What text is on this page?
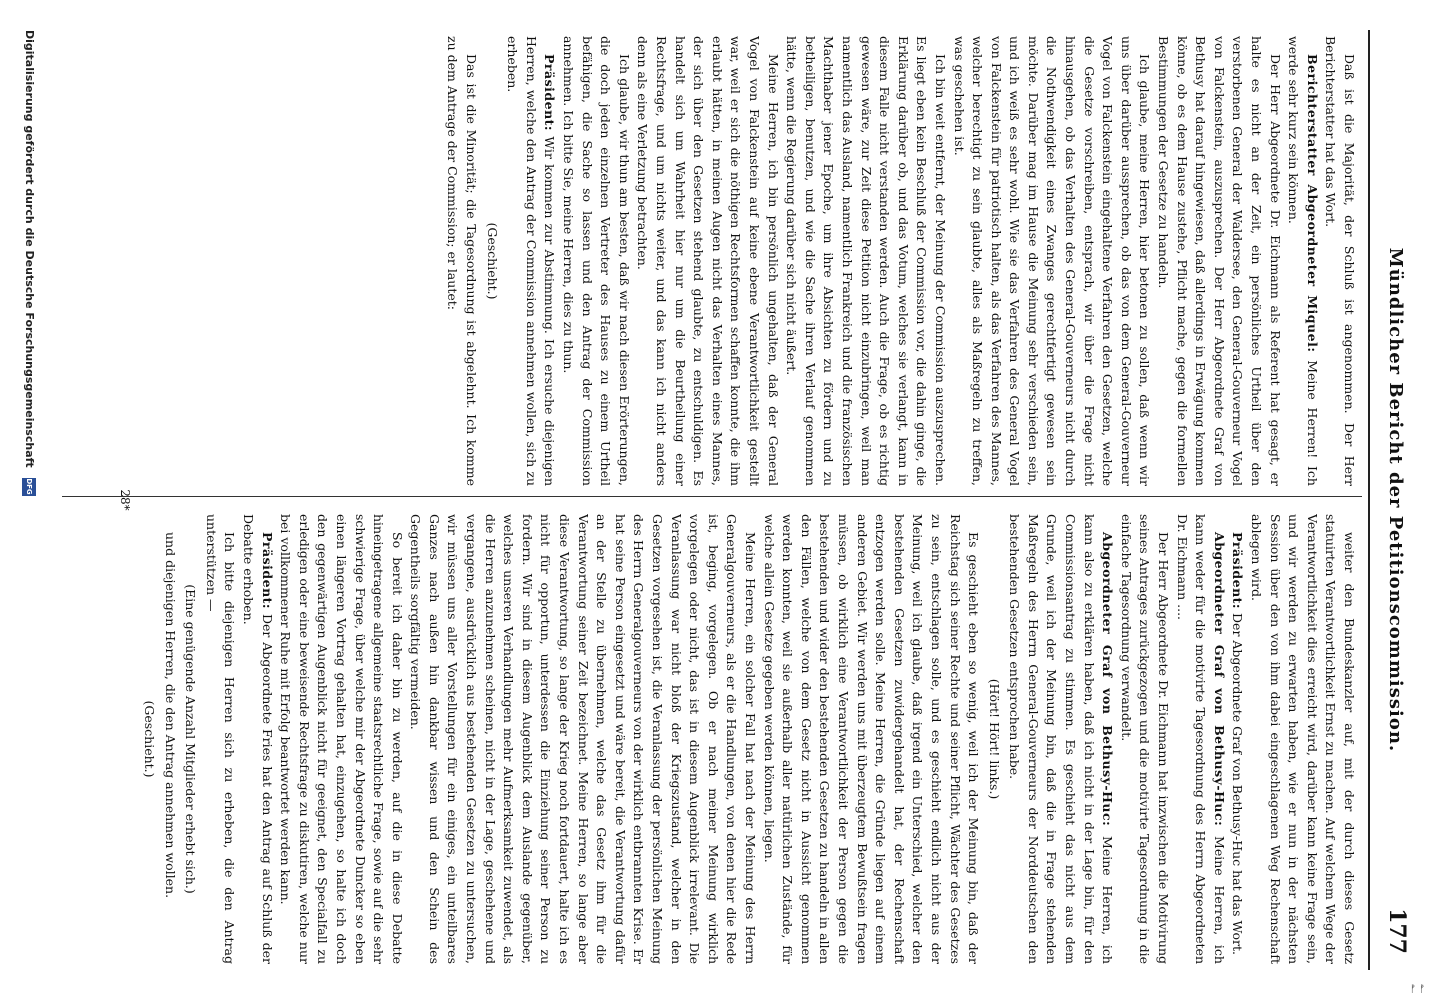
Mündlicher Bericht der Petitionscommission.
177

Daß ist die Majorität, der Schluß ist angenommen. Der Herr Berichterstatter hat das Wort.

Berichterstatter Abgeordneter Miquel: Meine Herren! Ich werde sehr kurz sein können.

Der Herr Abgeordnete Dr. Eichmann als Referent hat gesagt, er halte es nicht an der Zeit, ein persönliches Urtheil über den verstorbenen General der Waldersee, den General-Gouverneur Vogel von Falckenstein, auszusprechen. Der Herr Abgeordnete Graf von Bethusy hat darauf hingewiesen, daß allerdings in Erwägung kommen könne, ob es dem Hause zustehe, Pflicht mache, gegen die formellen Bestimmungen der Gesetze zu handeln.

Ich glaube, meine Herren, hier betonen zu sollen, daß wenn wir uns über darüber aussprechen, ob das von dem General-Gouverneur Vogel von Falckenstein eingehaltene Verfahren den Gesetzen, welche die Gesetze vorschreiben, entsprach, wir über die Frage nicht hinausgehen, ob das Verhalten des General-Gouverneurs nicht durch die Nothwendigkeit eines Zwanges gerechtfertigt gewesen sein möchte. Darüber mag im Hause die Meinung sehr verschieden sein, und ich weiß es sehr wohl. Wie sie das Verfahren des General Vogel von Falckenstein für patriotisch halten, als das Verfahren des Mannes, welcher berechtigt zu sein glaubte, alles als Maßregeln zu treffen, was geschehen ist.

Ich bin weit entfernt, der Meinung der Commission auszusprechen. Es liegt eben kein Beschluß der Commission vor, die dahin ginge, die Erklärung darüber ob, und das Votum, welches sie verlangt, kann in diesem Falle nicht verstanden werden. Auch die Frage, ob es richtig gewesen wäre, zur Zeit diese Petition nicht einzubringen, weil man namentlich das Ausland, namentlich Frankreich und die französischen Machthaber jener Epoche, um ihre Absichten zu fördern und zu betheiligen, benutzen, und wie die Sache ihren Verlauf genommen hätte, wenn die Regierung darüber sich nicht äußert.

Meine Herren, ich bin persönlich ungehalten, daß der General Vogel von Falckenstein auf keine ebene Verantwortlichkeit gestellt war, weil er sich die nöthigen Rechtsformen schaffen konnte, die ihm erlaubt hätten, in meinen Augen nicht das Verhalten eines Mannes, der sich über den Gesetzen stehend glaubte, zu entschuldigen. Es handelt sich um Wahrheit hier nur um die Beurtheilung einer Rechtsfrage, und um nichts weiter, und das kann ich nicht anders denn als eine Verletzung betrachten.

Ich glaube, wir thun am besten, daß wir nach diesen Erörterungen, die doch jeden einzelnen Vertreter des Hauses zu einem Urtheil befähigen, die Sache so lassen und den Antrag der Commission annehmen. Ich bitte Sie, meine Herren, dies zu thun.

Präsident: Wir kommen zur Abstimmung. Ich ersuche diejenigen Herren, welche den Antrag der Commission annehmen wollen, sich zu erheben.

(Geschieht.)

Das ist die Minorität; die Tagesordnung ist abgelehnt. Ich komme zu dem Antrage der Commission; er lautet:

weiter den Bundeskanzler auf, mit der durch dieses Gesetz statuirten Verantwortlichkeit Ernst zu machen. Auf welchem Wege der Verantwortlichkeit dies erreicht wird, darüber kann keine Frage sein, und wir werden zu erwarten haben, wie er nun in der nächsten Session über den von ihm dabei eingeschlagenen Weg Rechenschaft ablegen wird.

Präsident: Der Abgeordnete Graf von Bethusy-Huc hat das Wort.

Abgeordneter Graf von Bethusy-Huc: Meine Herren, ich kann weder für die motivirte Tagesordnung des Herrn Abgeordneten Dr. Eichmann ....

Der Herr Abgeordnete Dr. Eichmann hat inzwischen die Motivirung seines Antrages zurückgezogen und die motivirte Tagesordnung in die einfache Tagesordnung verwandelt.

Abgeordneter Graf von Bethusy-Huc: Meine Herren, ich kann also zu erklären haben, daß ich nicht in der Lage bin, für den Commissionsantrag zu stimmen. Es geschieht das nicht aus dem Grunde, weil ich der Meinung bin, daß die in Frage stehenden Maßregeln des Herrn General-Gouverneurs der Norddeutschen den bestehenden Gesetzen entsprochen habe.

(Hört! Hört! links.)

Es geschieht eben so wenig, weil ich der Meinung bin, daß der Reichstag sich seiner Rechte und seiner Pflicht, Wächter des Gesetzes zu sein, entschlagen solle, und es geschieht endlich nicht aus der Meinung, weil ich glaube, daß irgend ein Unterschied, welcher den bestehenden Gesetzen zuwidergehandelt hat, der Rechenschaft entzogen werden solle. Meine Herren, die Gründe liegen auf einem anderen Gebiet. Wir werden uns mit überzeugtem Bewußtsein fragen müssen, ob wirklich eine Verantwortlichkeit der Person gegen die bestehenden und wider den bestehenden Gesetzen zu handeln in allen den Fällen, welche von dem Gesetz nicht in Aussicht genommen werden konnten, weil sie außerhalb aller natürlichen Zustände, für welche allein Gesetze gegeben werden können, liegen.

Meine Herren, ein solcher Fall hat nach der Meinung des Herrn Generalgouverneurs, als er die Handlungen, von denen hier die Rede ist, beging, vorgelegen. Ob er nach meiner Meinung wirklich vorgelegen oder nicht, das ist in diesem Augenblick irrelevant. Die Veranlassung war nicht bloß der Kriegszustand, welcher in den Gesetzen vorgesehen ist, die Veranlassung der persönlichen Meinung des Herrn Generalgouverneurs von der wirklich entbrannten Krise. Er hat seine Person eingesetzt und wäre bereit, die Verantwortung dafür an der Stelle zu übernehmen, welche das Gesetz ihm für die Verantwortung seiner Zeit bezeichnet. Meine Herren, so lange aber diese Verantwortung, so lange der Krieg noch fortdauert, halte ich es nicht für opportun, unterdessen die Einziehung seiner Person zu fordern. Wir sind in diesem Augenblick dem Auslande gegenüber, welches unseren Verhandlungen mehr Aufmerksamkeit zuwendet, als die Herren anzunehmen scheinen, nicht in der Lage, geschehene und vergangene, ausdrücklich aus bestehenden Gesetzen zu untersuchen, wir müssen uns aller Vorstellungen für ein einiges, ein unteilbares Ganzes nach außen hin dankbar wissen und den Schein des Gegentheils sorgfältig vermeiden.

So bereit ich daher bin zu werden, auf die in diese Debatte hineingetragene allgemeine staatsrechtliche Frage, sowie auf die sehr schwierige Frage, über welche mir der Abgeordnete Duncker so eben einen längeren Vortrag gehalten hat, einzugehen, so halte ich doch den gegenwärtigen Augenblick nicht für geeignet, den Specialfall zu erledigen oder eine beweisende Rechtsfrage zu diskutiren, welche nur bei vollkommener Ruhe mit Erfolg beantwortet werden kann.

Präsident: Der Abgeordnete Fries hat den Antrag auf Schluß der Debatte erhoben.

Ich bitte diejenigen Herren sich zu erheben, die den Antrag unterstützen —

(Eine genügende Anzahl Mitglieder erhebt sich.)

und diejenigen Herren, die den Antrag annehmen wollen.

(Geschieht.)

28*
Digitalisierung gefördert durch die Deutsche Forschungsgemeinschaft DFG
ᚠ ᚠ
